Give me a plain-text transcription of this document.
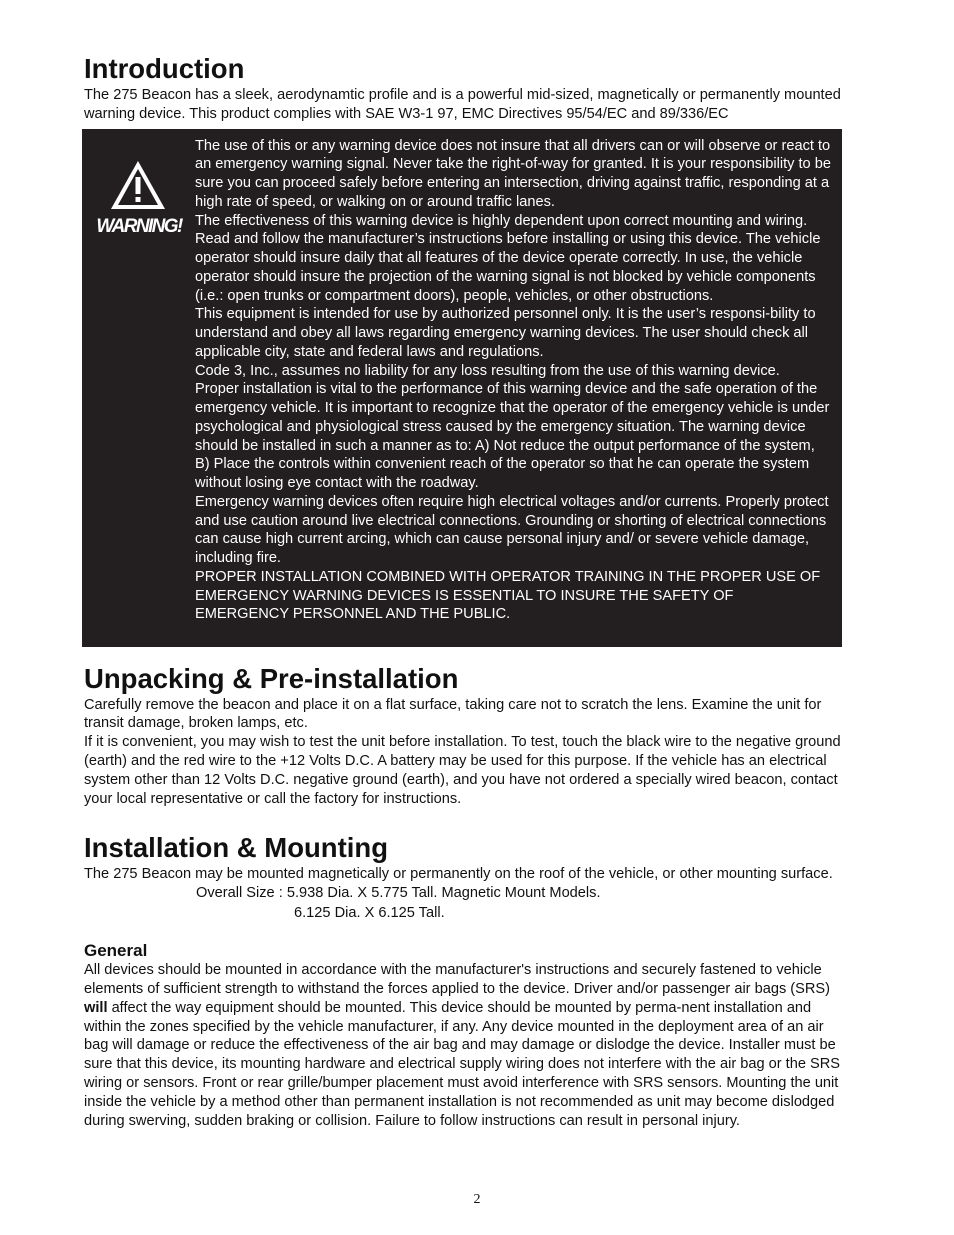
Introduction

The 275 Beacon has a sleek, aerodynamtic profile and is a powerful mid-sized, magnetically or permanently mounted warning device. This product complies with SAE W3-1 97, EMC Directives 95/54/EC and 89/336/EC

WARNING!

The use of this or any warning device does not insure that all drivers can or will observe or react to an emergency warning signal. Never take the right-of-way for granted. It is your responsibility to be sure you can proceed safely before entering an intersection, driving against traffic, responding at a high rate of speed, or walking on or around traffic lanes.

The effectiveness of this warning device is highly dependent upon correct mounting and wiring. Read and follow the manufacturer’s instructions before installing or using this device. The vehicle operator should insure daily that all features of the device operate correctly. In use, the vehicle operator should insure the projection of the warning signal is not blocked by vehicle components (i.e.: open trunks or compartment doors), people, vehicles, or other obstructions.

This equipment is intended for use by authorized personnel only. It is the user’s responsi-bility to understand and obey all laws regarding emergency warning devices. The user should check all applicable city, state and federal laws and regulations.

Code 3, Inc., assumes no liability for any loss resulting from the use of this warning device.

Proper installation is vital to the performance of this warning device and the safe operation of the emergency vehicle. It is important to recognize that the operator of the emergency vehicle is under psychological and physiological stress caused by the emergency situation. The warning device should be installed in such a manner as to: A) Not reduce the output performance of the system, B) Place the controls within convenient reach of the operator so that he can operate the system without losing eye contact with the roadway.

Emergency warning devices often require high electrical voltages and/or currents. Properly protect and use caution around live electrical connections. Grounding or shorting of electrical connections can cause high current arcing, which can cause personal injury and/ or severe vehicle damage, including fire.

PROPER INSTALLATION COMBINED WITH OPERATOR TRAINING IN THE PROPER USE OF EMERGENCY WARNING DEVICES IS ESSENTIAL TO INSURE THE SAFETY OF EMERGENCY PERSONNEL AND THE PUBLIC.

Unpacking & Pre-installation

Carefully remove the beacon and place it on a flat surface, taking care not to scratch the lens. Examine the unit for transit damage, broken lamps, etc.

If it is convenient, you may wish to test the unit before installation. To test, touch the black wire to the negative ground (earth) and the red wire to the +12 Volts D.C. A battery may be used for this purpose. If the vehicle has an electrical system other than 12 Volts D.C. negative ground (earth), and you have not ordered a specially wired beacon, contact your local representative or call the factory for instructions.

Installation & Mounting

The 275 Beacon may be mounted magnetically or permanently on the roof of the vehicle, or other mounting surface.

Overall Size : 5.938 Dia. X 5.775 Tall. Magnetic Mount Models.
6.125 Dia. X 6.125 Tall.
General

All devices should be mounted in accordance with the manufacturer's instructions and securely fastened to vehicle elements of sufficient strength to withstand the forces applied to the device. Driver and/or passenger air bags (SRS) will affect the way equipment should be mounted. This device should be mounted by perma-nent installation and within the zones specified by the vehicle manufacturer, if any. Any device mounted in the deployment area of an air bag will damage or reduce the effectiveness of the air bag and may damage or dislodge the device. Installer must be sure that this device, its mounting hardware and electrical supply wiring does not interfere with the air bag or the SRS wiring or sensors. Front or rear grille/bumper placement must avoid interference with SRS sensors. Mounting the unit inside the vehicle by a method other than permanent installation is not recommended as unit may become dislodged during swerving, sudden braking or collision. Failure to follow instructions can result in personal injury.

2
